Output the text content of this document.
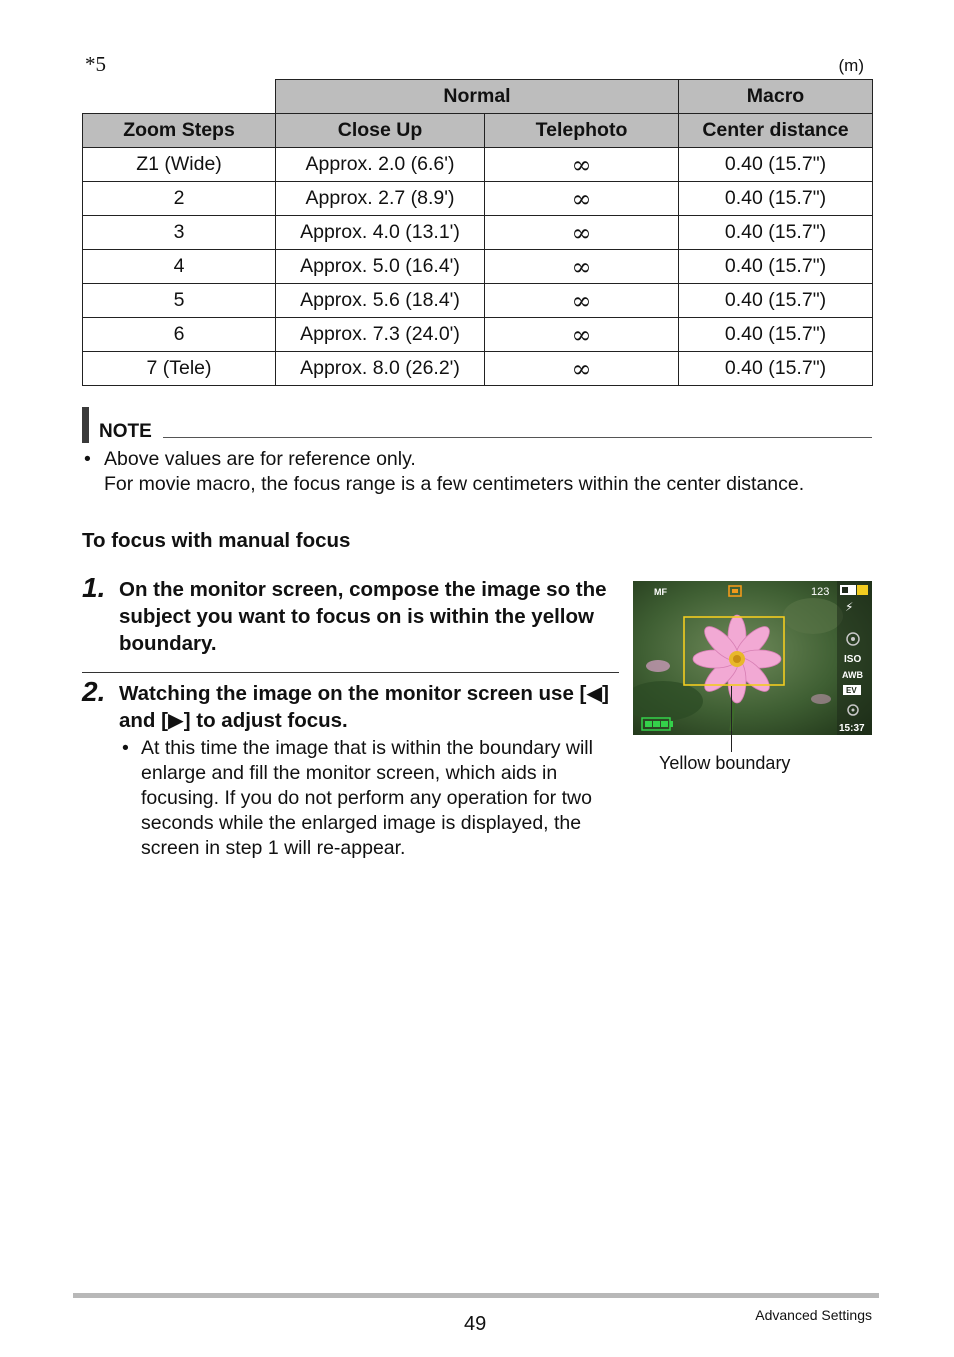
*5	(m)
	Normal		Macro
Zoom Steps	Close Up	Telephoto	Center distance
Z1 (Wide)	Approx. 2.0 (6.6')	∞	0.40 (15.7")
2	Approx. 2.7 (8.9')	∞	0.40 (15.7")
3	Approx. 4.0 (13.1')	∞	0.40 (15.7")
4	Approx. 5.0 (16.4')	∞	0.40 (15.7")
5	Approx. 5.6 (18.4')	∞	0.40 (15.7")
6	Approx. 7.3 (24.0')	∞	0.40 (15.7")
7 (Tele)	Approx. 8.0 (26.2')	∞	0.40 (15.7")
NOTE
• Above values are for reference only.
For movie macro, the focus range is a few centimeters within the center distance.
To focus with manual focus
1. On the monitor screen, compose the image so the subject you want to focus on is within the yellow boundary.
2. Watching the image on the monitor screen use [◀] and [▶] to adjust focus.
• At this time the image that is within the boundary will enlarge and fill the monitor screen, which aids in focusing. If you do not perform any operation for two seconds while the enlarged image is displayed, the screen in step 1 will re-appear.
MF	123
⚡
ISO
AWB
EV
15:37
Yellow boundary
49	Advanced Settings
